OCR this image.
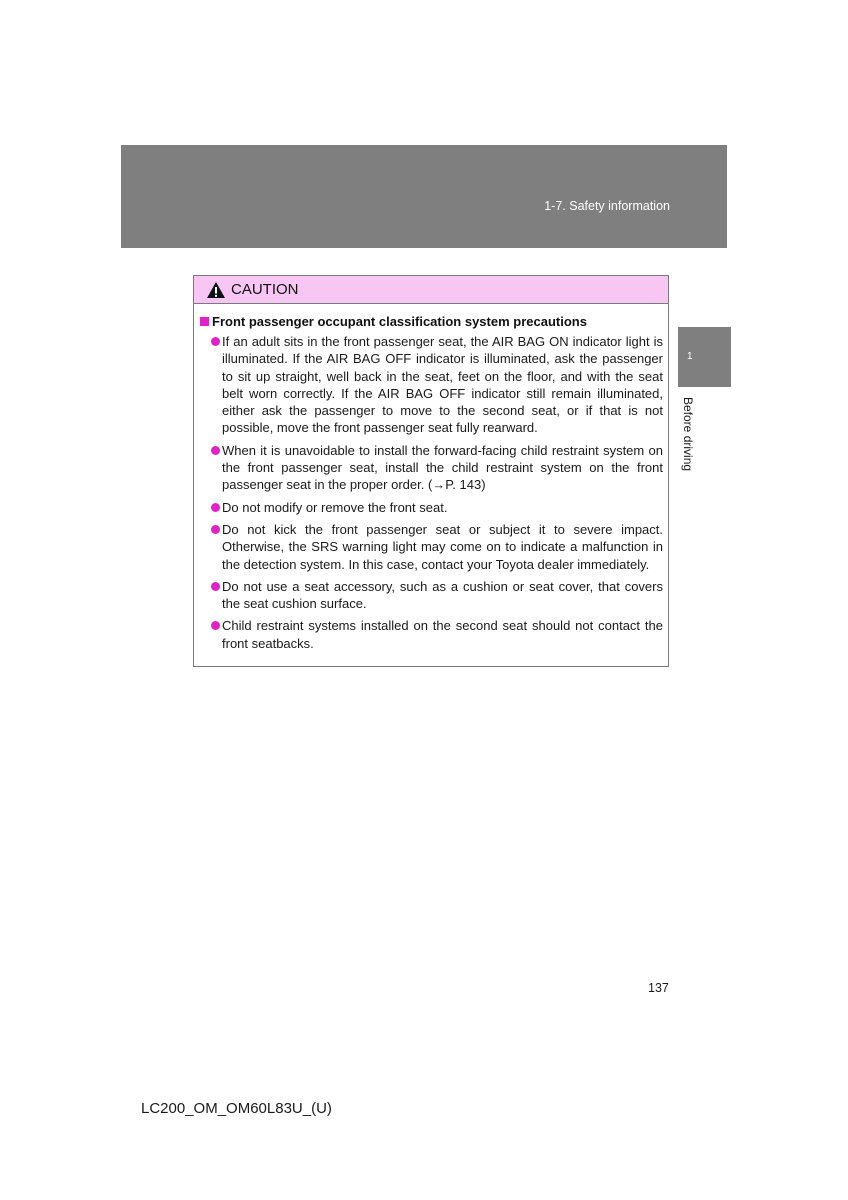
1-7. Safety information
1
Before driving
CAUTION
Front passenger occupant classification system precautions
If an adult sits in the front passenger seat, the AIR BAG ON indicator light is illuminated. If the AIR BAG OFF indicator is illuminated, ask the passenger to sit up straight, well back in the seat, feet on the floor, and with the seat belt worn correctly. If the AIR BAG OFF indicator still remain illuminated, either ask the passenger to move to the second seat, or if that is not possible, move the front passenger seat fully rearward.
When it is unavoidable to install the forward-facing child restraint system on the front passenger seat, install the child restraint system on the front passenger seat in the proper order. (→P. 143)
Do not modify or remove the front seat.
Do not kick the front passenger seat or subject it to severe impact. Otherwise, the SRS warning light may come on to indicate a malfunction in the detection system. In this case, contact your Toyota dealer immediately.
Do not use a seat accessory, such as a cushion or seat cover, that covers the seat cushion surface.
Child restraint systems installed on the second seat should not contact the front seatbacks.
137
LC200_OM_OM60L83U_(U)
